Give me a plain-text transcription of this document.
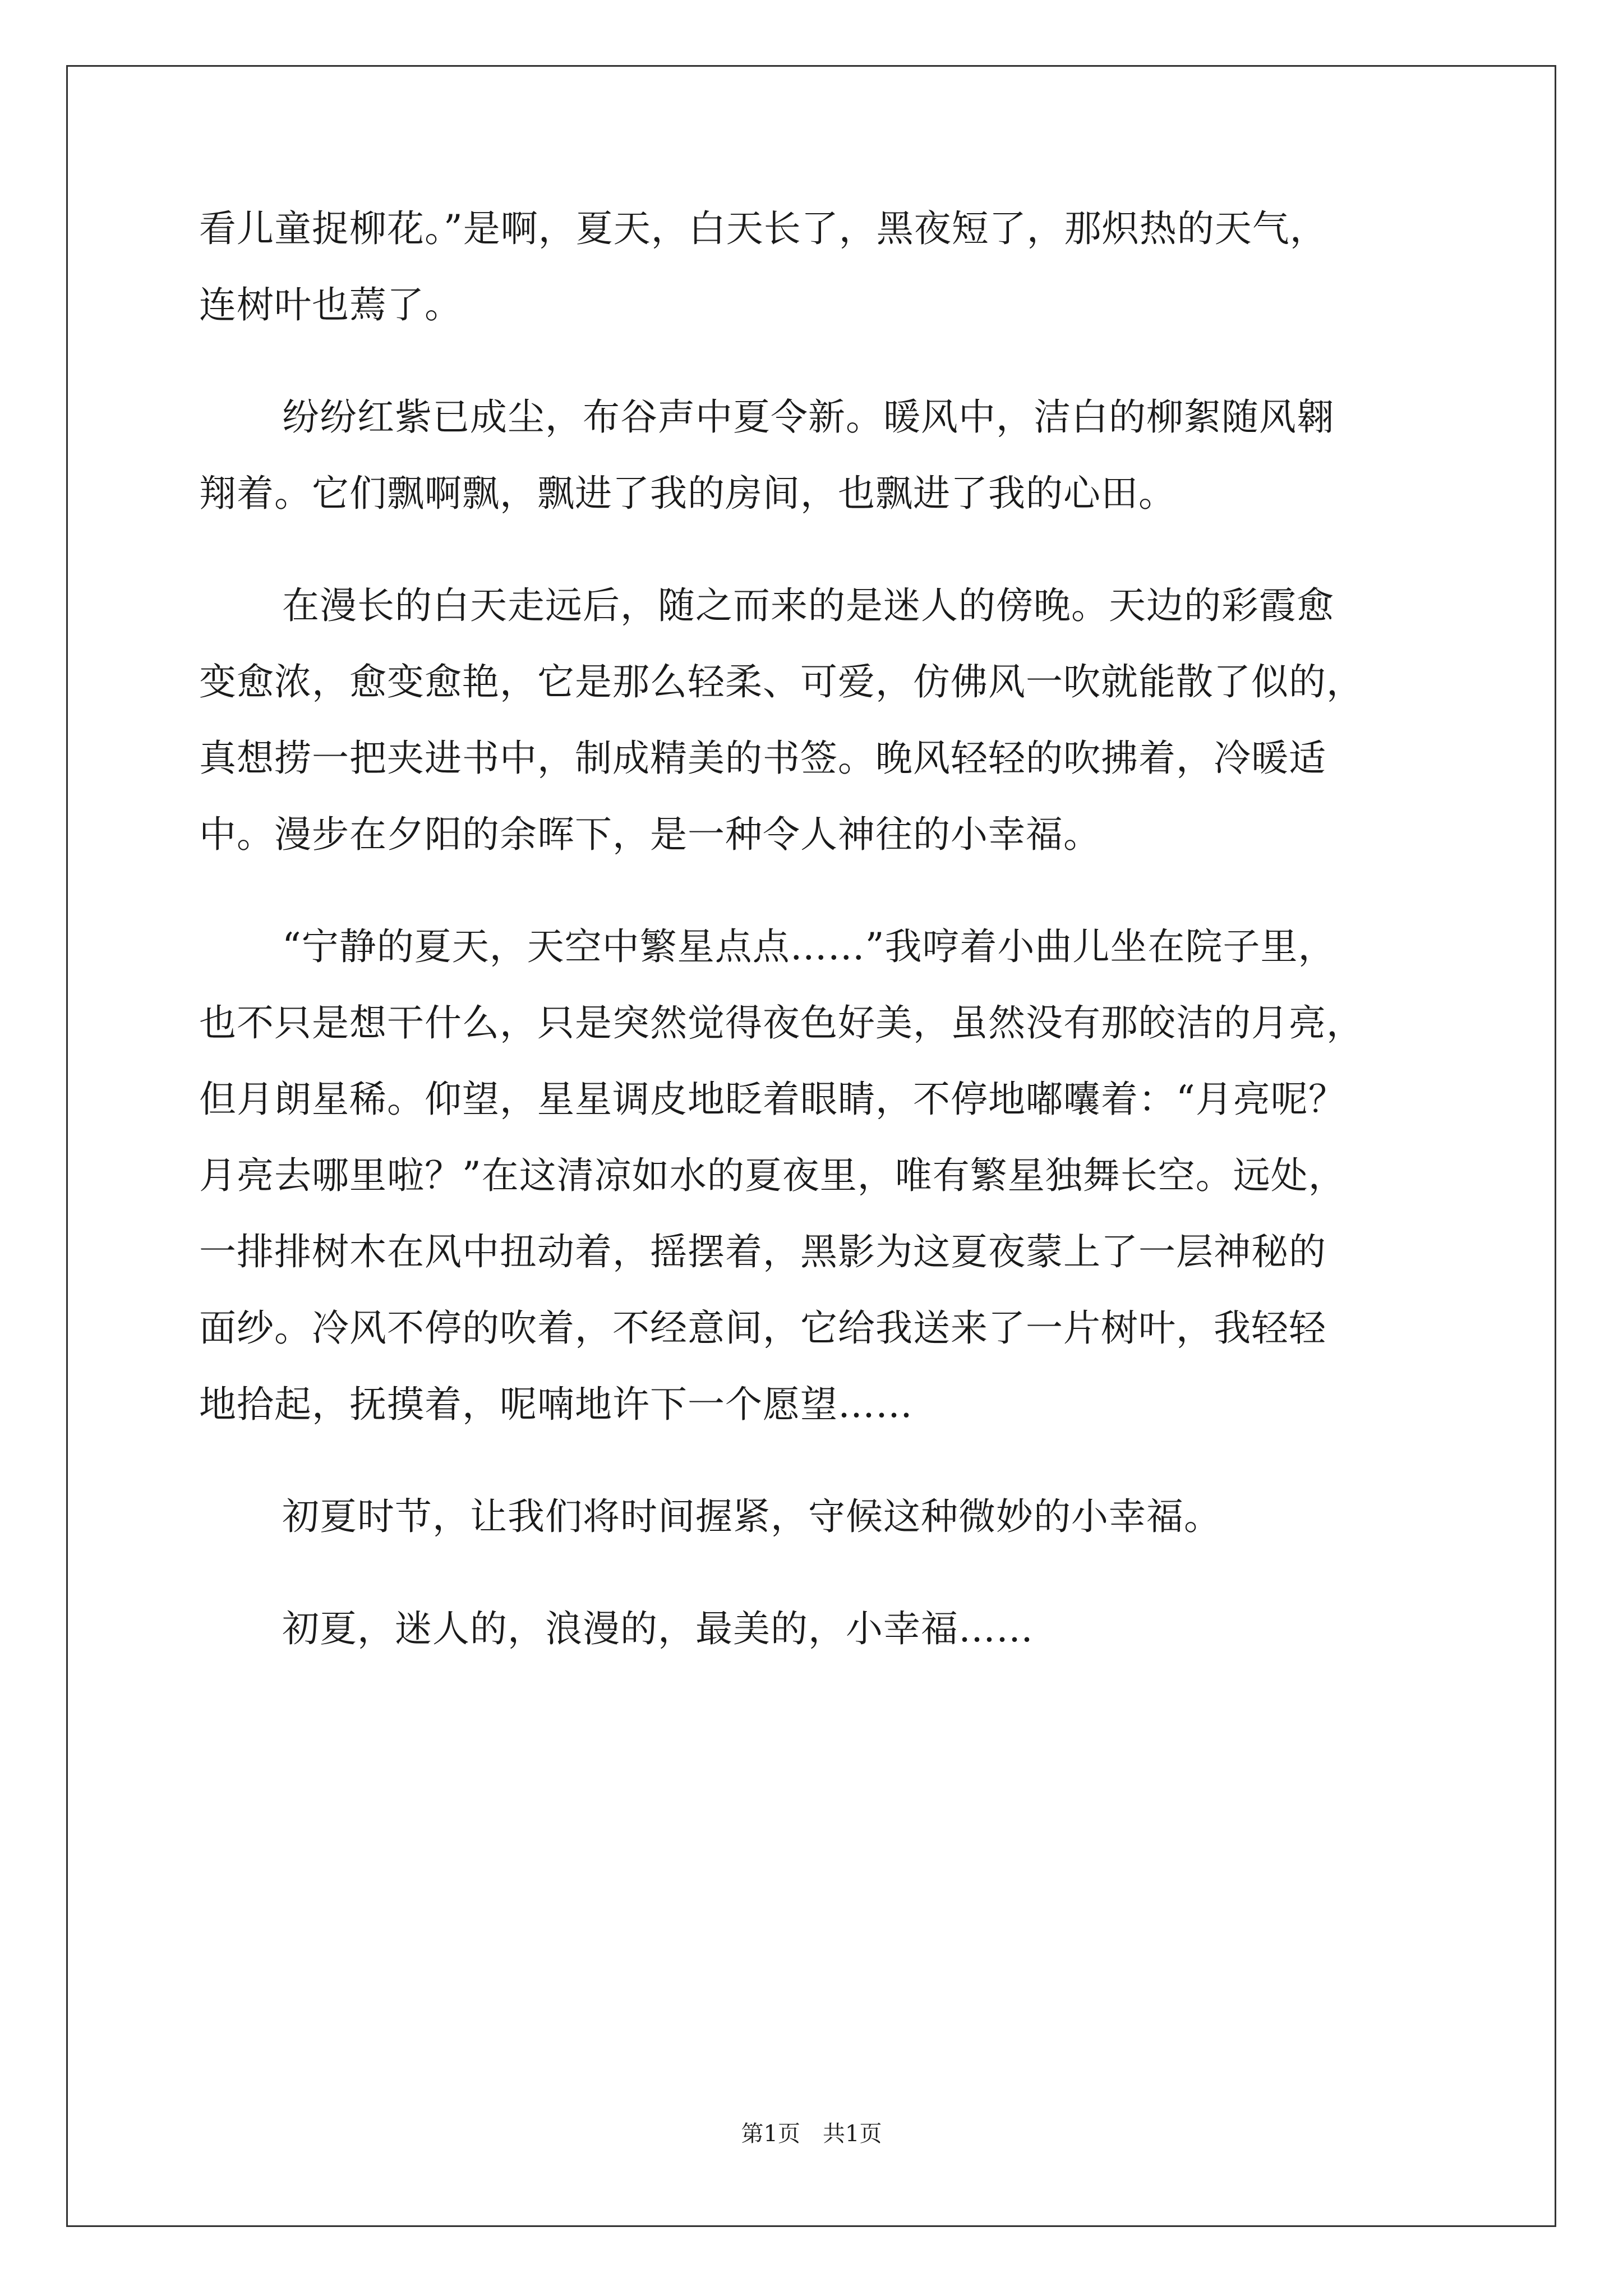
看儿童捉柳花。”是啊，夏天，白天长了，黑夜短了，那炽热的天气，
连树叶也蔫了。
纷纷红紫已成尘，布谷声中夏令新。暖风中，洁白的柳絮随风翱
翔着。它们飘啊飘，飘进了我的房间，也飘进了我的心田。
在漫长的白天走远后，随之而来的是迷人的傍晚。天边的彩霞愈
变愈浓，愈变愈艳，它是那么轻柔、可爱，仿佛风一吹就能散了似的，
真想捞一把夹进书中，制成精美的书签。晚风轻轻的吹拂着，冷暖适
中。漫步在夕阳的余晖下，是一种令人神往的小幸福。
“宁静的夏天，天空中繁星点点……”我哼着小曲儿坐在院子里，
也不只是想干什么，只是突然觉得夜色好美，虽然没有那皎洁的月亮，
但月朗星稀。仰望，星星调皮地眨着眼睛，不停地嘟囔着：“月亮呢？
月亮去哪里啦？”在这清凉如水的夏夜里，唯有繁星独舞长空。远处，
一排排树木在风中扭动着，摇摆着，黑影为这夏夜蒙上了一层神秘的
面纱。冷风不停的吹着，不经意间，它给我送来了一片树叶，我轻轻
地拾起，抚摸着，呢喃地许下一个愿望……
初夏时节，让我们将时间握紧，守候这种微妙的小幸福。
初夏，迷人的，浪漫的，最美的，小幸福……
第1页　共1页
